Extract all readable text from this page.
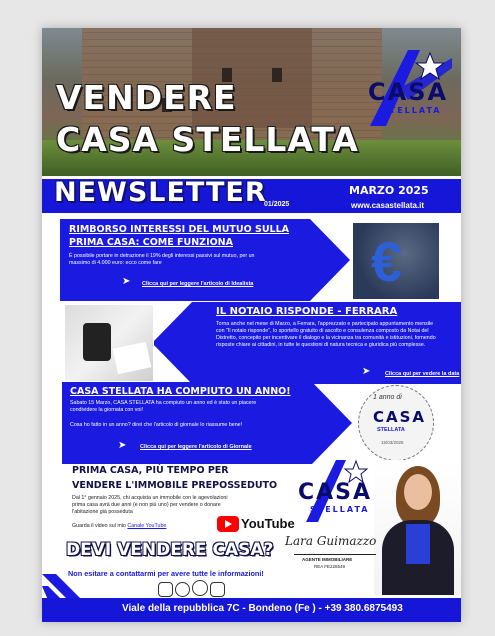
VENDERE
CASA STELLATA
CASA
STELLATA
NEWSLETTER
01/2025
MARZO 2025
www.casastellata.it
RIMBORSO INTERESSI DEL MUTUO SULLA
PRIMA CASA: COME FUNZIONA
È possibile portare in detrazione il 19% degli interessi passivi sul mutuo, per un massimo di 4.000 euro: ecco come fare
➤ Clicca qui per leggere l'articolo di Idealista €
IL NOTAIO RISPONDE - FERRARA
Torna anche nel mese di Marzo, a Ferrara, l'apprezzato e partecipato appuntamento mensile con "Il notaio risponde", lo sportello gratuito di ascolto e consulenza composto da Notai del Distretto, concepito per incentivare il dialogo e la vicinanza tra comunità e istituzioni, fornendo risposte chiare ai cittadini, in tutte le questioni di natura tecnica e giuridica più complesse.
➤	Clicca qui per vedere la data
CASA STELLATA HA COMPIUTO UN ANNO!
Sabato 15 Marzo, CASA STELLATA ha compiuto un anno ed è stato un piacere condividere la giornata con voi!
Cosa ho fatto in un anno? direi che l'articolo di giornale lo riassume bene!
➤ Clicca qui per leggere l'articolo di Giornale
1 anno di
CASA
STELLATA
15/03/2025
PRIMA CASA, PIÙ TEMPO PER
VENDERE L'IMMOBILE PREPOSSEDUTO
Dal 1° gennaio 2025, chi acquista un immobile con le agevolazioni prima casa avrà due anni (e non più uno) per vendere o donare l'abitazione già posseduta
Guarda il video sul mio Canale YouTube	YouTube
CASA
STELLATA
Lara Guimazzo
AGENTE IMMOBILIARE
REA FE226549
DEVI VENDERE CASA?
Non esitare a contattarmi per avere tutte le informazioni!
Viale della repubblica 7C - Bondeno (Fe ) - +39 380.6875493
